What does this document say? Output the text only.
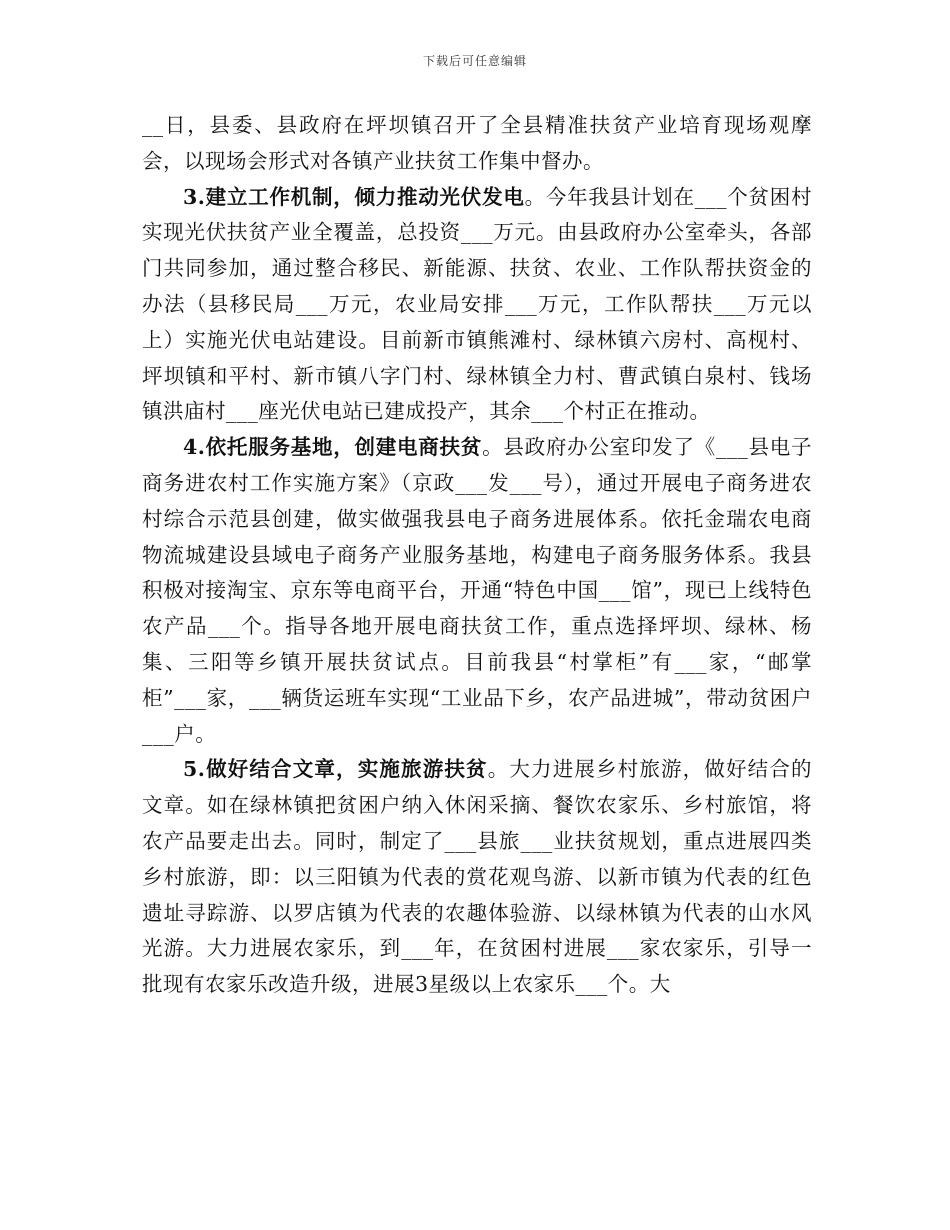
下载后可任意编辑

__日，县委、县政府在坪坝镇召开了全县精准扶贫产业培育现场观摩会，以现场会形式对各镇产业扶贫工作集中督办。

3.建立工作机制，倾力推动光伏发电。今年我县计划在___个贫困村实现光伏扶贫产业全覆盖，总投资___万元。由县政府办公室牵头，各部门共同参加，通过整合移民、新能源、扶贫、农业、工作队帮扶资金的办法（县移民局___万元，农业局安排___万元，工作队帮扶___万元以上）实施光伏电站建设。目前新市镇熊滩村、绿林镇六房村、高枧村、坪坝镇和平村、新市镇八字门村、绿林镇全力村、曹武镇白泉村、钱场镇洪庙村___座光伏电站已建成投产，其余___个村正在推动。

4.依托服务基地，创建电商扶贫。县政府办公室印发了《___县电子商务进农村工作实施方案》（京政___发___号），通过开展电子商务进农村综合示范县创建，做实做强我县电子商务进展体系。依托金瑞农电商物流城建设县域电子商务产业服务基地，构建电子商务服务体系。我县积极对接淘宝、京东等电商平台，开通“特色中国___馆”，现已上线特色农产品___个。指导各地开展电商扶贫工作，重点选择坪坝、绿林、杨集、三阳等乡镇开展扶贫试点。目前我县“村掌柜”有___家，“邮掌柜”___家，___辆货运班车实现“工业品下乡，农产品进城”，带动贫困户___户。

5.做好结合文章，实施旅游扶贫。大力进展乡村旅游，做好结合的文章。如在绿林镇把贫困户纳入休闲采摘、餐饮农家乐、乡村旅馆，将农产品要走出去。同时，制定了___县旅___业扶贫规划，重点进展四类乡村旅游，即：以三阳镇为代表的赏花观鸟游、以新市镇为代表的红色遗址寻踪游、以罗店镇为代表的农趣体验游、以绿林镇为代表的山水风光游。大力进展农家乐，到___年，在贫困村进展___家农家乐，引导一批现有农家乐改造升级，进展3星级以上农家乐___个。大
